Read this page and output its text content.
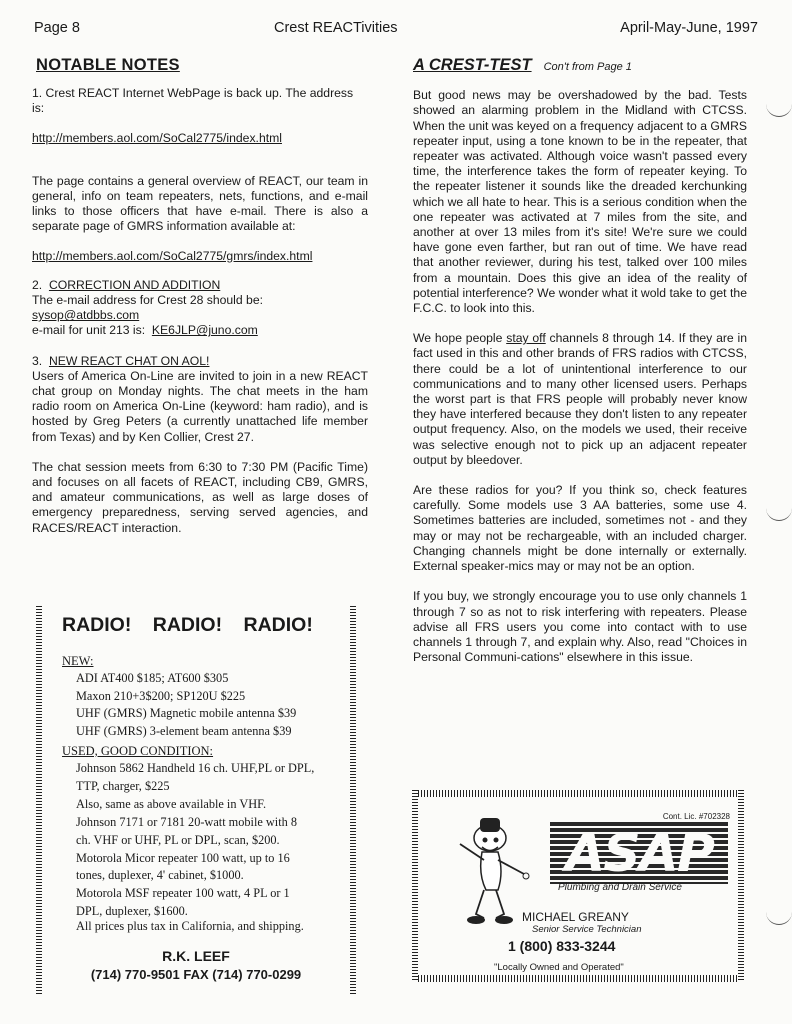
Page 8	Crest REACTivities	April-May-June, 1997
NOTABLE NOTES

1. Crest REACT Internet WebPage is back up. The address is:

http://members.aol.com/SoCal2775/index.html

The page contains a general overview of REACT, our team in general, info on team repeaters, nets, functions, and e-mail links to those officers that have e-mail. There is also a separate page of GMRS information available at:

http://members.aol.com/SoCal2775/gmrs/index.html
2. CORRECTION AND ADDITION
The e-mail address for Crest 28 should be:
sysop@atdbbs.com
e-mail for unit 213 is: KE6JLP@juno.com
3. NEW REACT CHAT ON AOL!

Users of America On-Line are invited to join in a new REACT chat group on Monday nights. The chat meets in the ham radio room on America On-Line (keyword: ham radio), and is hosted by Greg Peters (a currently unattached life member from Texas) and by Ken Collier, Crest 27.

The chat session meets from 6:30 to 7:30 PM (Pacific Time) and focuses on all facets of REACT, including CB9, GMRS, and amateur communications, as well as large doses of emergency preparedness, serving served agencies, and RACES/REACT interaction.

RADIO! RADIO! RADIO!
NEW:
ADI AT400 $185; AT600 $305
Maxon 210+3$200; SP120U $225
UHF (GMRS) Magnetic mobile antenna $39
UHF (GMRS) 3-element beam antenna $39
USED, GOOD CONDITION:
Johnson 5862 Handheld 16 ch. UHF,PL or DPL,
TTP, charger, $225
Also, same as above available in VHF.
Johnson 7171 or 7181 20-watt mobile with 8
ch. VHF or UHF, PL or DPL, scan, $200.
Motorola Micor repeater 100 watt, up to 16
tones, duplexer, 4' cabinet, $1000.
Motorola MSF repeater 100 watt, 4 PL or 1
DPL, duplexer, $1600.
All prices plus tax in California, and shipping.
R.K. LEEF
(714) 770-9501 FAX (714) 770-0299
A CREST-TEST Con't from Page 1

But good news may be overshadowed by the bad. Tests showed an alarming problem in the Midland with CTCSS. When the unit was keyed on a frequency adjacent to a GMRS repeater input, using a tone known to be in the repeater, that repeater was activated. Although voice wasn't passed every time, the interference takes the form of repeater keying. To the repeater listener it sounds like the dreaded kerchunking which we all hate to hear. This is a serious condition when the one repeater was activated at 7 miles from the site, and another at over 13 miles from it's site! We're sure we could have gone even farther, but ran out of time. We have read that another reviewer, during his test, talked over 100 miles from a mountain. Does this give an idea of the reality of potential interference? We wonder what it wold take to get the F.C.C. to look into this.

We hope people stay off channels 8 through 14. If they are in fact used in this and other brands of FRS radios with CTCSS, there could be a lot of unintentional interference to our communications and to many other licensed users. Perhaps the worst part is that FRS people will probably never know they have interfered because they don't listen to any repeater output frequency. Also, on the models we used, their receive was selective enough not to pick up an adjacent repeater output by bleedover.

Are these radios for you? If you think so, check features carefully. Some models use 3 AA batteries, some use 4. Sometimes batteries are included, sometimes not - and they may or may not be rechargeable, with an included charger. Changing channels might be done internally or externally. External speaker-mics may or may not be an option.

If you buy, we strongly encourage you to use only channels 1 through 7 so as not to risk interfering with repeaters. Please advise all FRS users you come into contact with to use channels 1 through 7, and explain why. Also, read "Choices in Personal Communi-cations" elsewhere in this issue.

Cont. Lic. #702328
ASAP
Plumbing and Drain Service
MICHAEL GREANY
Senior Service Technician
1 (800) 833-3244
"Locally Owned and Operated"
